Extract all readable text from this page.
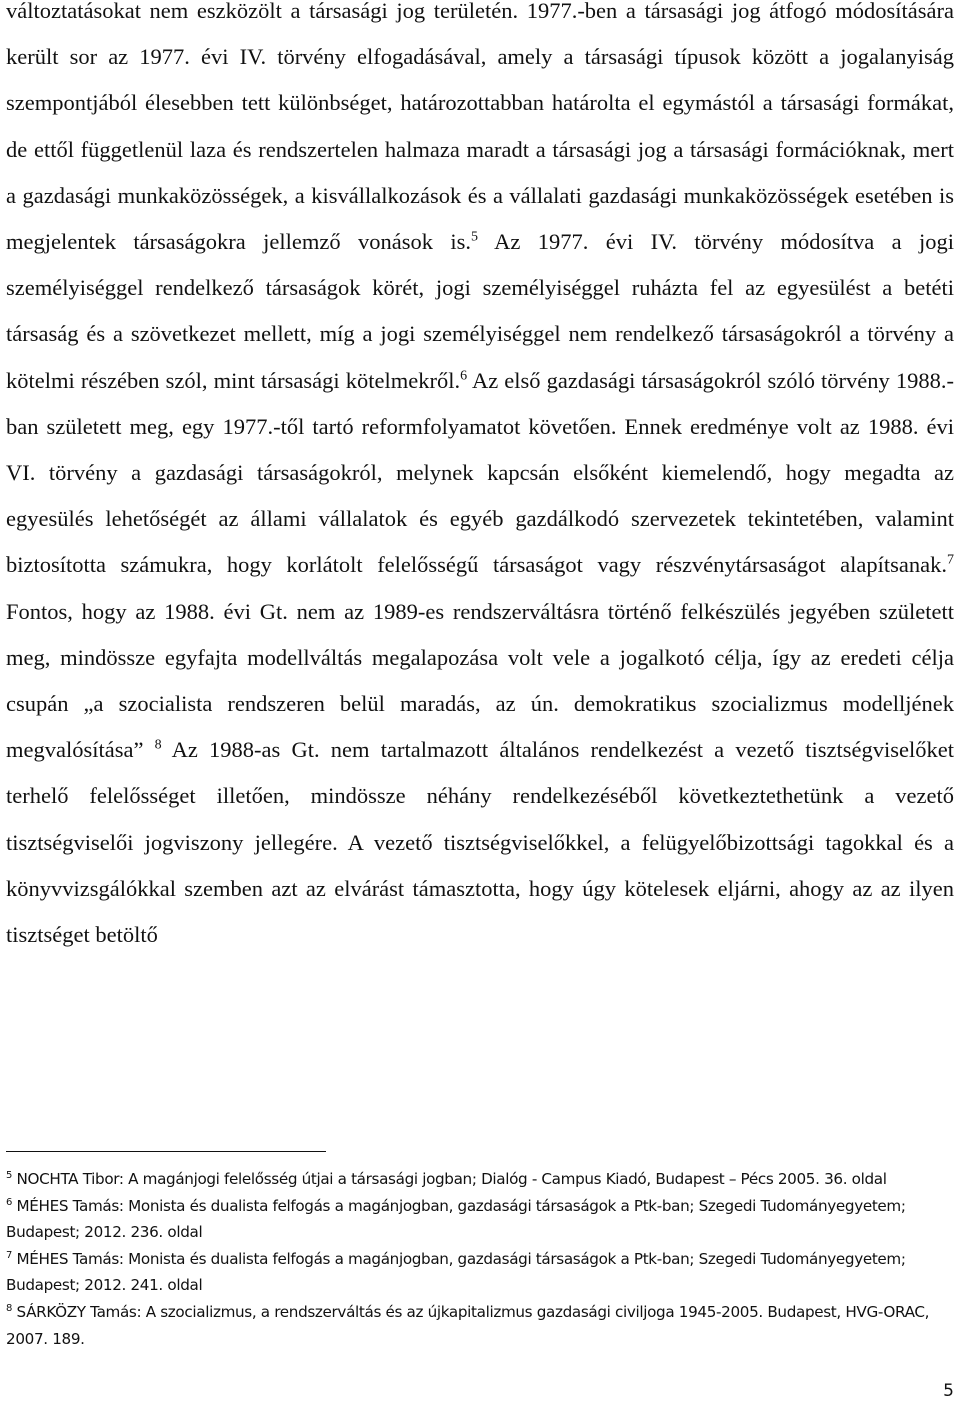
változtatásokat nem eszközölt a társasági jog területén. 1977.-ben a társasági jog átfogó módosítására került sor az 1977. évi IV. törvény elfogadásával, amely a társasági típusok között a jogalanyiság szempontjából élesebben tett különbséget, határozottabban határolta el egymástól a társasági formákat, de ettől függetlenül laza és rendszertelen halmaza maradt a társasági jog a társasági formációknak, mert a gazdasági munkaközösségek, a kisvállalkozások és a vállalati gazdasági munkaközösségek esetében is megjelentek társaságokra jellemző vonások is.$^5$ Az 1977. évi IV. törvény módosítva a jogi személyiséggel rendelkező társaságok körét, jogi személyiséggel ruházta fel az egyesülést a betéti társaság és a szövetkezet mellett, míg a jogi személyiséggel nem rendelkező társaságokról a törvény a kötelmi részében szól, mint társasági kötelmekről.$^6$ Az első gazdasági társaságokról szóló törvény 1988.-ban született meg, egy 1977.-től tartó reformfolyamatot követően. Ennek eredménye volt az 1988. évi VI. törvény a gazdasági társaságokról, melynek kapcsán elsőként kiemelendő, hogy megadta az egyesülés lehetőségét az állami vállalatok és egyéb gazdálkodó szervezetek tekintetében, valamint biztosította számukra, hogy korlátolt felelősségű társaságot vagy részvénytársaságot alapítsanak.$^7$ Fontos, hogy az 1988. évi Gt. nem az 1989-es rendszerváltásra történő felkészülés jegyében született meg, mindössze egyfajta modellváltás megalapozása volt vele a jogalkotó célja, így az eredeti célja csupán „a szocialista rendszeren belül maradás, az ún. demokratikus szocializmus modelljének megvalósítása” $^8$ Az 1988-as Gt. nem tartalmazott általános rendelkezést a vezető tisztségviselőket terhelő felelősséget illetően, mindössze néhány rendelkezéséből következtethetünk a vezető tisztségviselői jogviszony jellegére. A vezető tisztségviselőkkel, a felügyelőbizottsági tagokkal és a könyvvizsgálókkal szemben azt az elvárást támasztotta, hogy úgy kötelesek eljárni, ahogy az az ilyen tisztséget betöltő

$^5$ NOCHTA Tibor: A magánjogi felelősség útjai a társasági jogban; Dialóg - Campus Kiadó, Budapest – Pécs 2005. 36. oldal

$^6$ MÉHES Tamás: Monista és dualista felfogás a magánjogban, gazdasági társaságok a Ptk-ban; Szegedi Tudományegyetem; Budapest; 2012. 236. oldal

$^7$ MÉHES Tamás: Monista és dualista felfogás a magánjogban, gazdasági társaságok a Ptk-ban; Szegedi Tudományegyetem; Budapest; 2012. 241. oldal

$^8$ SÁRKÖZY Tamás: A szocializmus, a rendszerváltás és az újkapitalizmus gazdasági civiljoga 1945-2005. Budapest, HVG-ORAC, 2007. 189.

5
